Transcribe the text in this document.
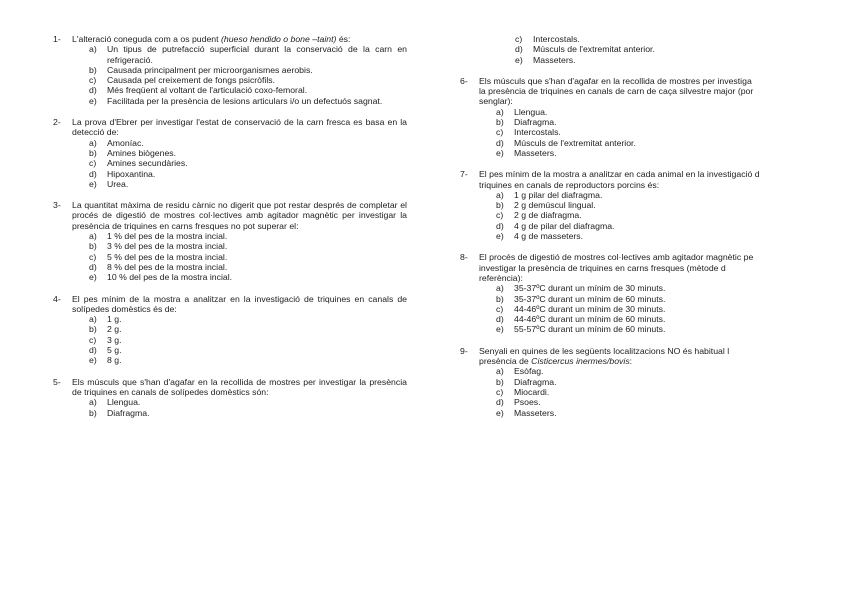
1-	L'alteració coneguda com a os pudent (hueso hendido o bone –taint) és:
a)	Un tipus de putrefacció superficial durant la conservació de la carn en refrigeració.
b)	Causada principalment per microorganismes aerobis.
c)	Causada pel creixement de fongs psicròfils.
d)	Més freqüent al voltant de l'articulació coxo-femoral.
e)	Facilitada per la presència de lesions articulars i/o un defectuós sagnat.
2-	La prova d'Ebrer per investigar l'estat de conservació de la carn fresca es basa en la detecció de:
a)	Amoníac.
b)	Amines biògenes.
c)	Amines secundàries.
d)	Hipoxantina.
e)	Urea.
3-	La quantitat màxima de residu càrnic no digerit que pot restar després de completar el procés de digestió de mostres col·lectives amb agitador magnètic per investigar la presència de triquines en carns fresques no pot superar el:
a)	1 % del pes de la mostra incial.
b)	3 % del pes de la mostra incial.
c)	5 % del pes de la mostra incial.
d)	8 % del pes de la mostra incial.
e)	10 % del pes de la mostra incial.
4-	El pes mínim de la mostra a analitzar en la investigació de triquines en canals de solípedes domèstics és de:
a)	1 g.
b)	2 g.
c)	3 g.
d)	5 g.
e)	8 g.
5-	Els músculs que s'han d'agafar en la recollida de mostres per investigar la presència de triquines en canals de solípedes domèstics són:
a)	Llengua.
b)	Diafragma.
c)	Intercostals.
d)	Músculs de l'extremitat anterior.
e)	Masseters.
6-	Els músculs que s'han d'agafar en la recollida de mostres per investiga
la presència de triquines en canals de carn de caça silvestre major (por
senglar):
a)	Llengua.
b)	Diafragma.
c)	Intercostals.
d)	Músculs de l'extremitat anterior.
e)	Masseters.
7-	El pes mínim de la mostra a analitzar en cada animal en la investigació d
triquines en canals de reproductors porcins és:
a)	1 g pilar del diafragma.
b)	2 g demúscul lingual.
c)	2 g de diafragma.
d)	4 g de pilar del diafragma.
e)	4 g de masseters.
8-	El procés de digestió de mostres col·lectives amb agitador magnètic pe
investigar la presència de triquines en carns fresques (mètode d
referència):
a)	35-37ºC durant un mínim de 30 minuts.
b)	35-37ºC durant un mínim de 60 minuts.
c)	44-46ºC durant un mínim de 30 minuts.
d)	44-46ºC durant un mínim de 60 minuts.
e)	55-57ºC durant un mínim de 60 minuts.
9-	Senyali en quines de les següents localitzacions NO és habitual l
presència de Cisticercus inermes/bovis:
a)	Esòfag.
b)	Diafragma.
c)	Miocardi.
d)	Psoes.
e)	Masseters.
